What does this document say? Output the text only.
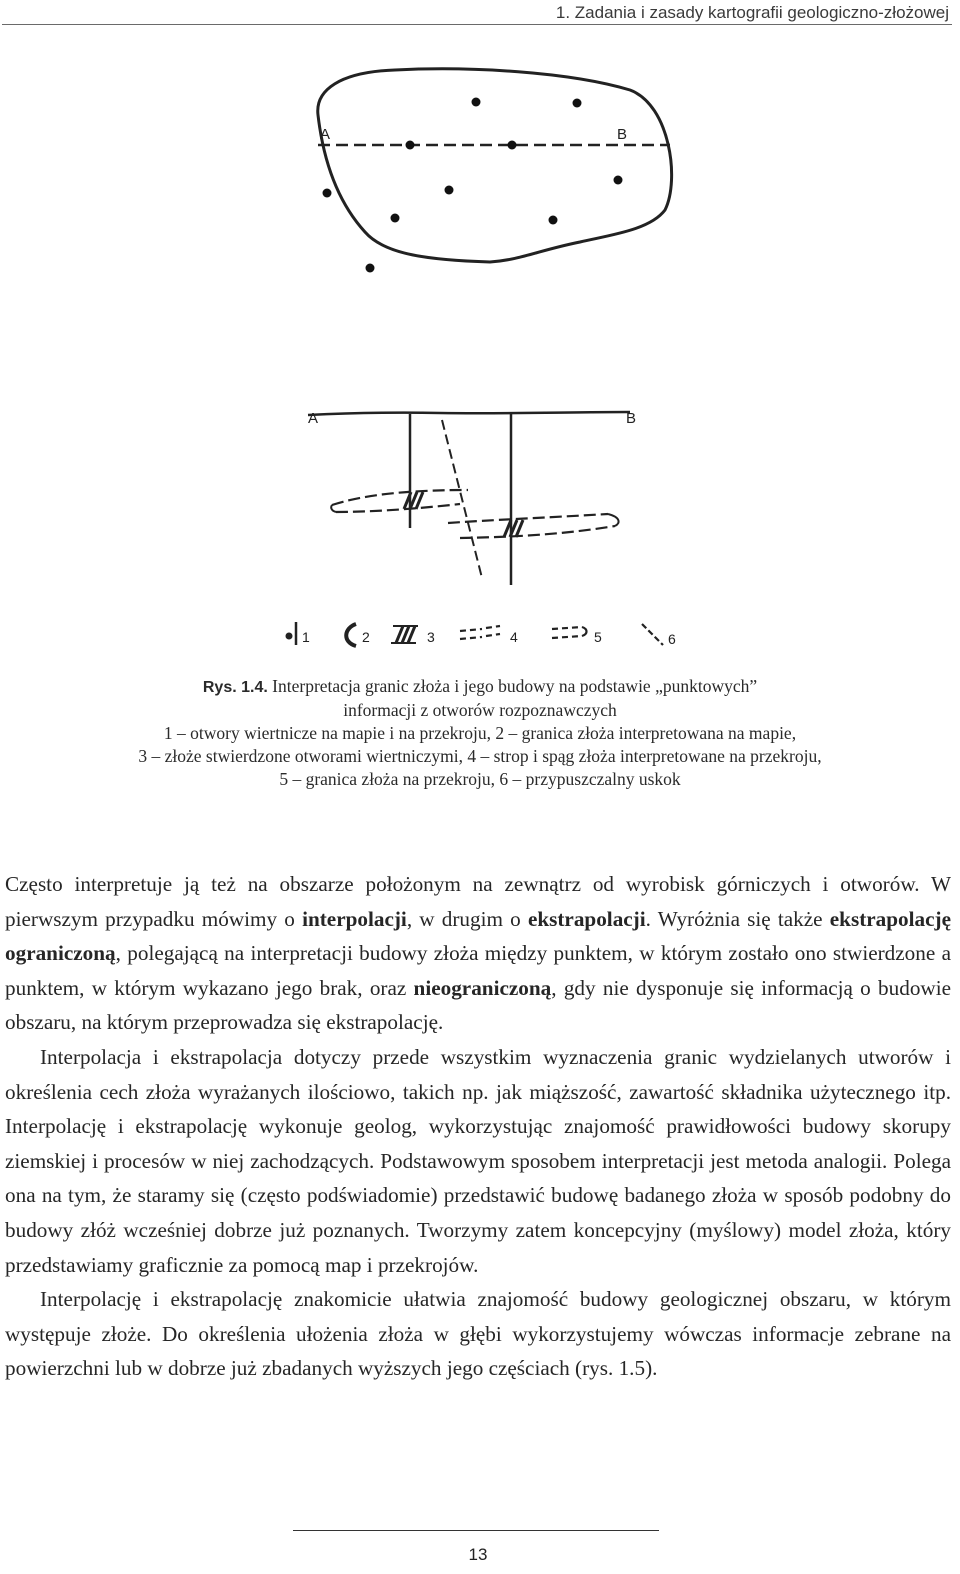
1. Zadania i zasady kartografii geologiczno-złożowej
A	B
A	B
1	2	3	4	5	6
Rys. 1.4. Interpretacja granic złoża i jego budowy na podstawie „punktowych”
informacji z otworów rozpoznawczych
1 – otwory wiertnicze na mapie i na przekroju, 2 – granica złoża interpretowana na mapie,
3 – złoże stwierdzone otworami wiertniczymi, 4 – strop i spąg złoża interpretowane na przekroju,
5 – granica złoża na przekroju, 6 – przypuszczalny uskok

Często interpretuje ją też na obszarze położonym na zewnątrz od wyrobisk górniczych i otworów. W pierwszym przypadku mówimy o interpolacji, w drugim o ekstrapolacji. Wyróżnia się także ekstrapolację ograniczoną, polegającą na interpretacji budowy złoża między punktem, w którym zostało ono stwierdzone a punktem, w którym wykazano jego brak, oraz nieograniczoną, gdy nie dysponuje się informacją o budowie obszaru, na którym przeprowadza się ekstrapolację.

Interpolacja i ekstrapolacja dotyczy przede wszystkim wyznaczenia granic wydzielanych utworów i określenia cech złoża wyrażanych ilościowo, takich np. jak miąższość, zawartość składnika użytecznego itp. Interpolację i ekstrapolację wykonuje geolog, wykorzystując znajomość prawidłowości budowy skorupy ziemskiej i procesów w niej zachodzących. Podstawowym sposobem interpretacji jest metoda analogii. Polega ona na tym, że staramy się (często podświadomie) przedstawić budowę badanego złoża w sposób podobny do budowy złóż wcześniej dobrze już poznanych. Tworzymy zatem koncepcyjny (myślowy) model złoża, który przedstawiamy graficznie za pomocą map i przekrojów.

Interpolację i ekstrapolację znakomicie ułatwia znajomość budowy geologicznej obszaru, w którym występuje złoże. Do określenia ułożenia złoża w głębi wykorzystujemy wówczas informacje zebrane na powierzchni lub w dobrze już zbadanych wyższych jego częściach (rys. 1.5).

13
